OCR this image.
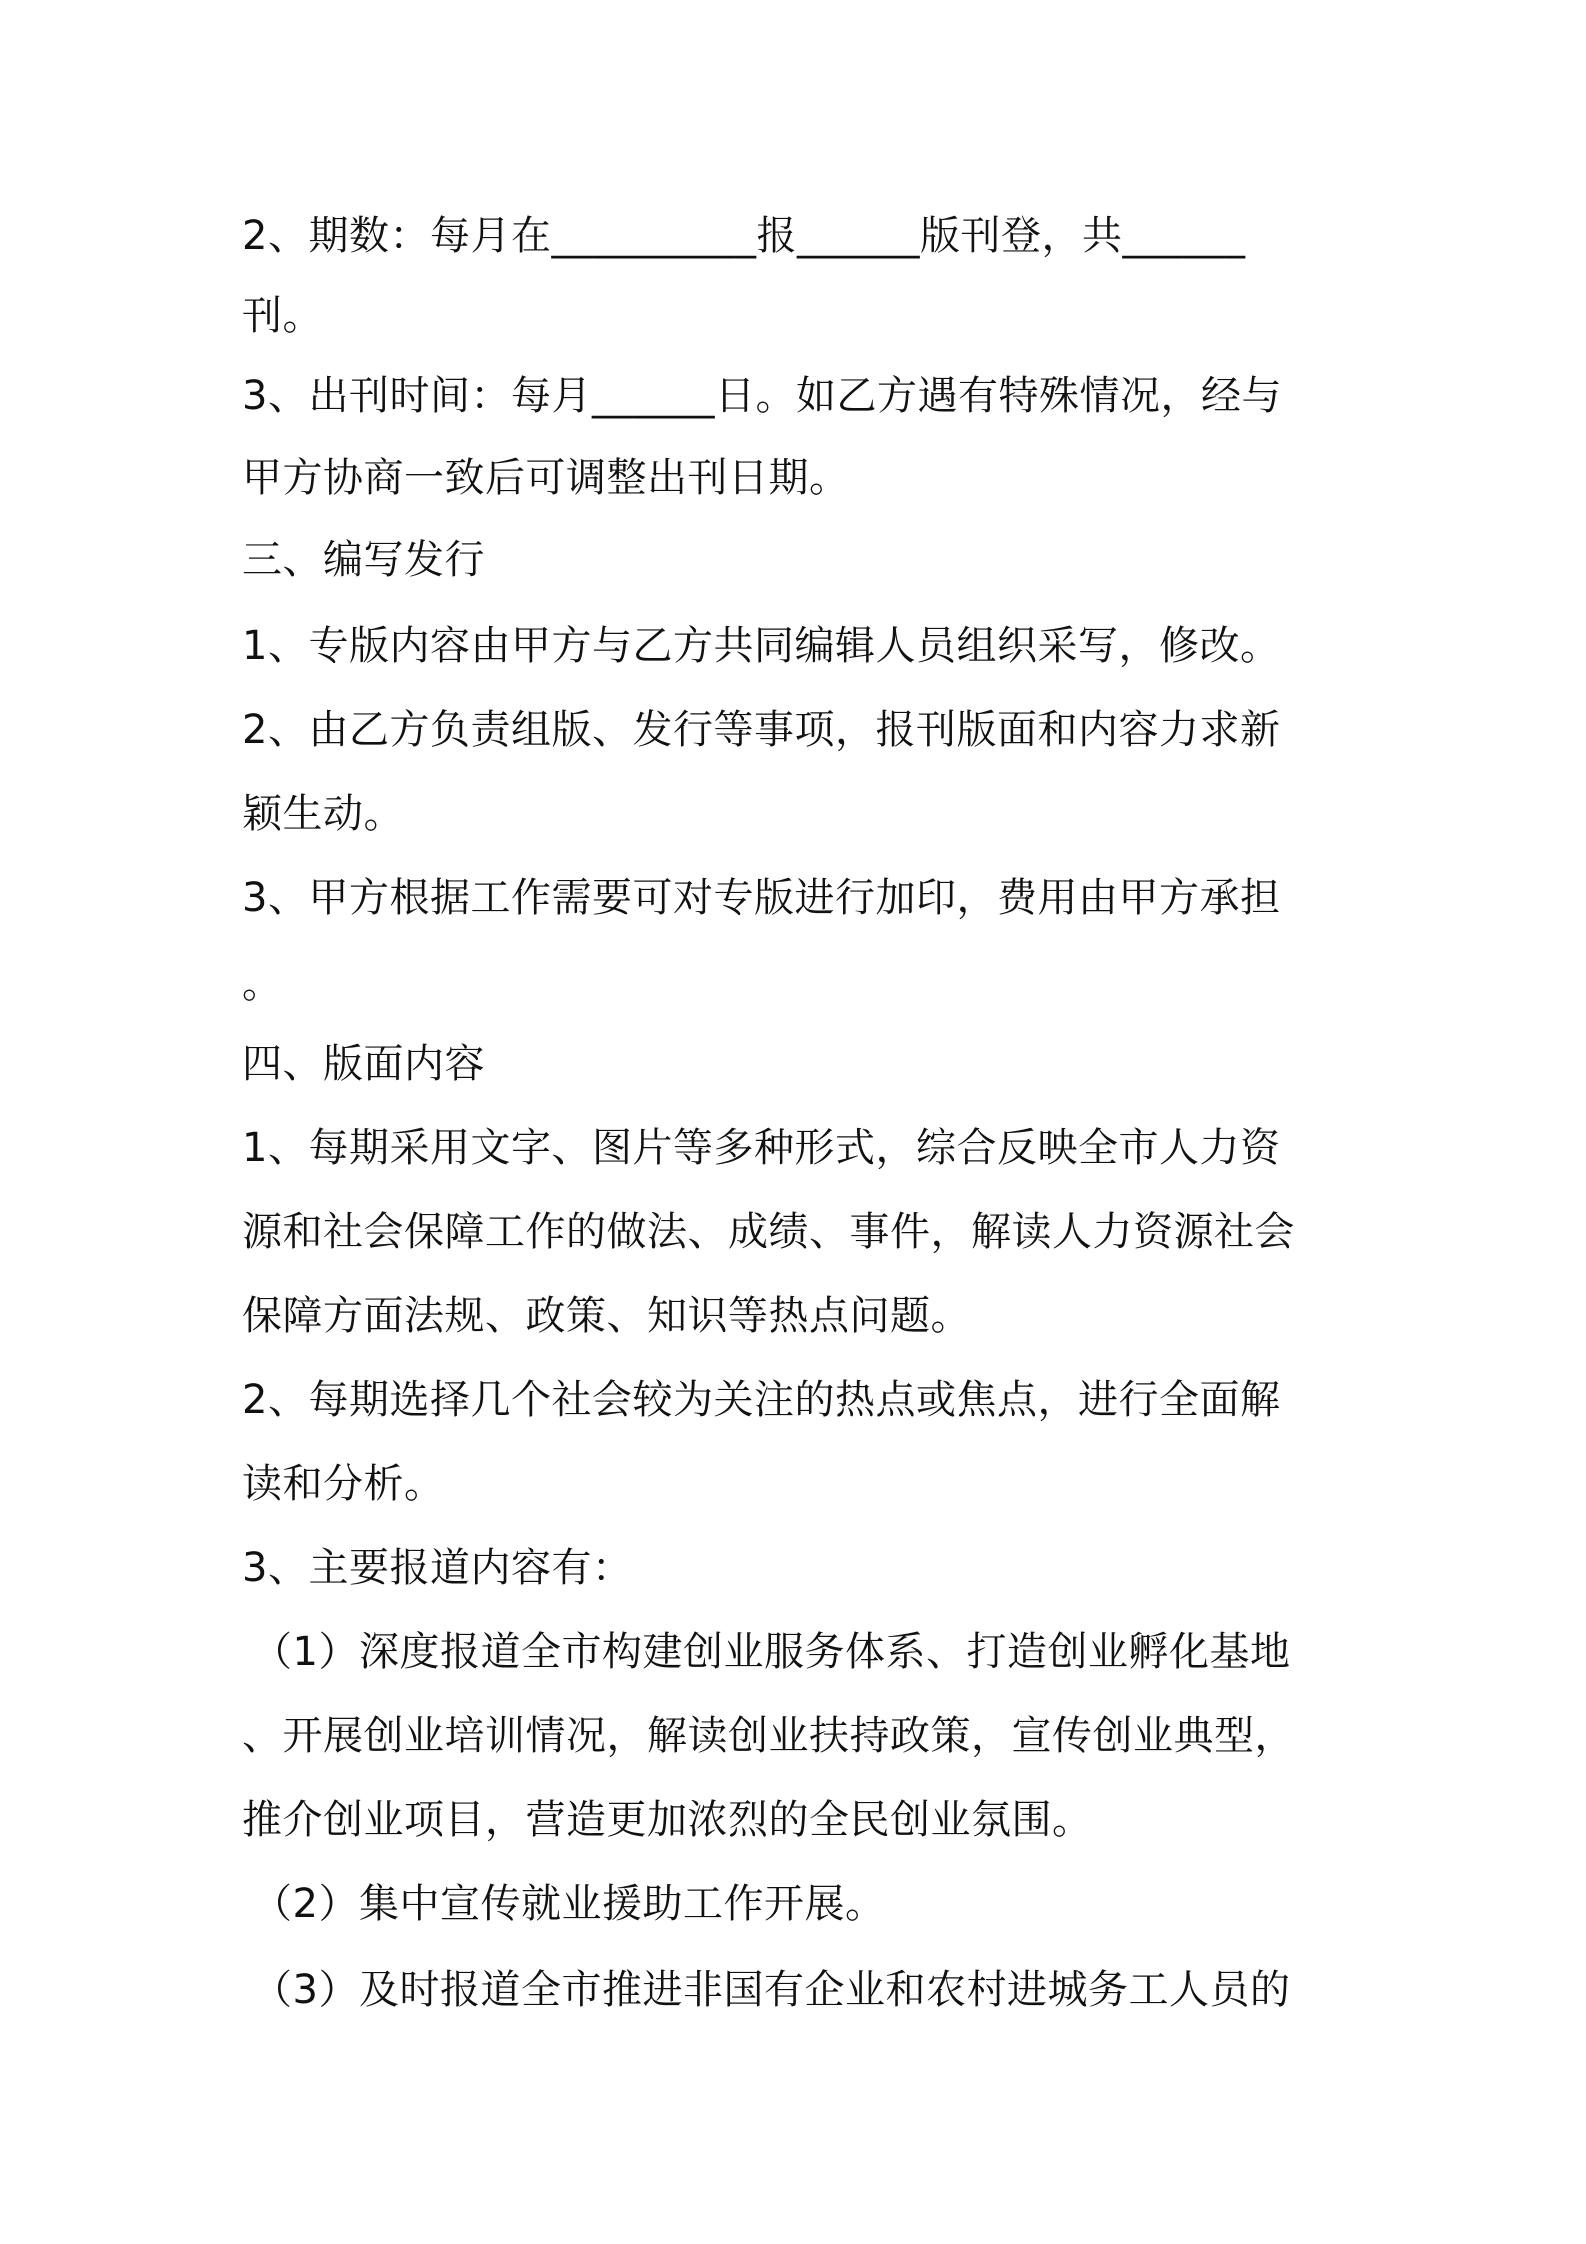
2、期数：每月在__________报______版刊登，共______
刊。
3、出刊时间：每月______日。如乙方遇有特殊情况，经与
甲方协商一致后可调整出刊日期。
三、编写发行
1、专版内容由甲方与乙方共同编辑人员组织采写，修改。
2、由乙方负责组版、发行等事项，报刊版面和内容力求新
颖生动。
3、甲方根据工作需要可对专版进行加印，费用由甲方承担
。
四、版面内容
1、每期采用文字、图片等多种形式，综合反映全市人力资
源和社会保障工作的做法、成绩、事件，解读人力资源社会
保障方面法规、政策、知识等热点问题。
2、每期选择几个社会较为关注的热点或焦点，进行全面解
读和分析。
3、主要报道内容有：
（1）深度报道全市构建创业服务体系、打造创业孵化基地
、开展创业培训情况，解读创业扶持政策，宣传创业典型，
推介创业项目，营造更加浓烈的全民创业氛围。
（2）集中宣传就业援助工作开展。
（3）及时报道全市推进非国有企业和农村进城务工人员的
